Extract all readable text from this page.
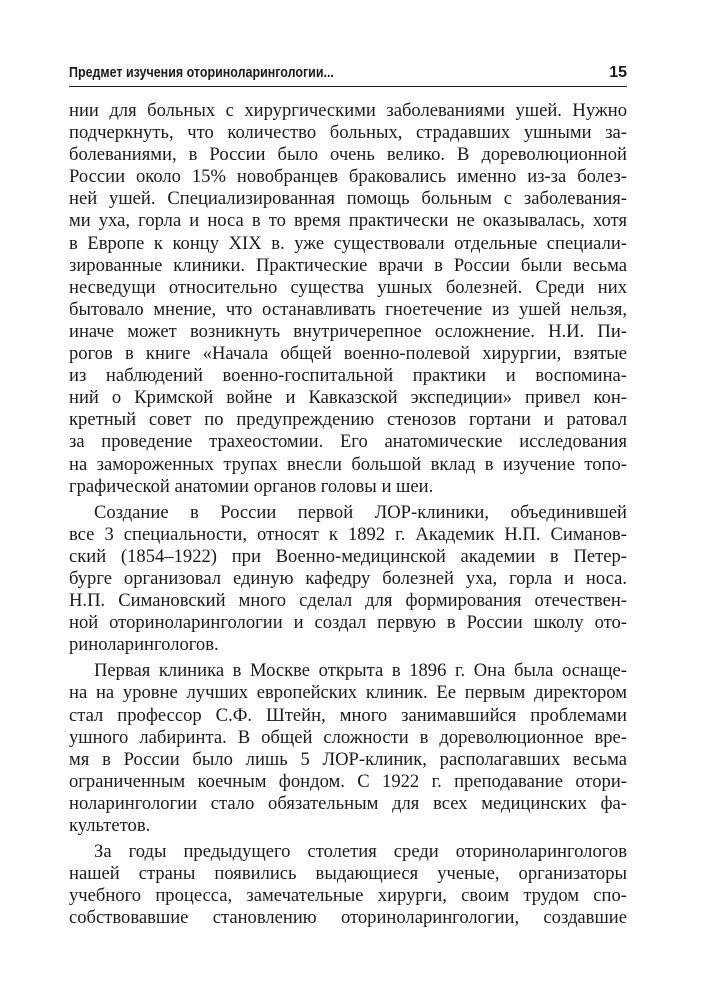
Предмет изучения оториноларингологии...	15
нии для больных с хирургическими заболеваниями ушей. Нужно
подчеркнуть, что количество больных, страдавших ушными за-
болеваниями, в России было очень велико. В дореволюционной
России около 15% новобранцев браковались именно из-за болез-
ней ушей. Специализированная помощь больным с заболевания-
ми уха, горла и носа в то время практически не оказывалась, хотя
в Европе к концу XIX в. уже существовали отдельные специали-
зированные клиники. Практические врачи в России были весьма
несведущи относительно существа ушных болезней. Среди них
бытовало мнение, что останавливать гноетечение из ушей нельзя,
иначе может возникнуть внутричерепное осложнение. Н.И. Пи-
рогов в книге «Начала общей военно-полевой хирургии, взятые
из наблюдений военно-госпитальной практики и воспомина-
ний о Кримской войне и Кавказской экспедиции» привел кон-
кретный совет по предупреждению стенозов гортани и ратовал
за проведение трахеостомии. Его анатомические исследования
на замороженных трупах внесли большой вклад в изучение топо-
графической анатомии органов головы и шеи.
Создание в России первой ЛОР-клиники, объединившей
все 3 специальности, относят к 1892 г. Академик Н.П. Симанов-
ский (1854–1922) при Военно-медицинской академии в Петер-
бурге организовал единую кафедру болезней уха, горла и носа.
Н.П. Симановский много сделал для формирования отечествен-
ной оториноларингологии и создал первую в России школу ото-
риноларингологов.
Первая клиника в Москве открыта в 1896 г. Она была оснаще-
на на уровне лучших европейских клиник. Ее первым директором
стал профессор С.Ф. Штейн, много занимавшийся проблемами
ушного лабиринта. В общей сложности в дореволюционное вре-
мя в России было лишь 5 ЛОР-клиник, располагавших весьма
ограниченным коечным фондом. С 1922 г. преподавание отори-
ноларингологии стало обязательным для всех медицинских фа-
культетов.
За годы предыдущего столетия среди оториноларингологов
нашей страны появились выдающиеся ученые, организаторы
учебного процесса, замечательные хирурги, своим трудом спо-
собствовавшие становлению оториноларингологии, создавшие
